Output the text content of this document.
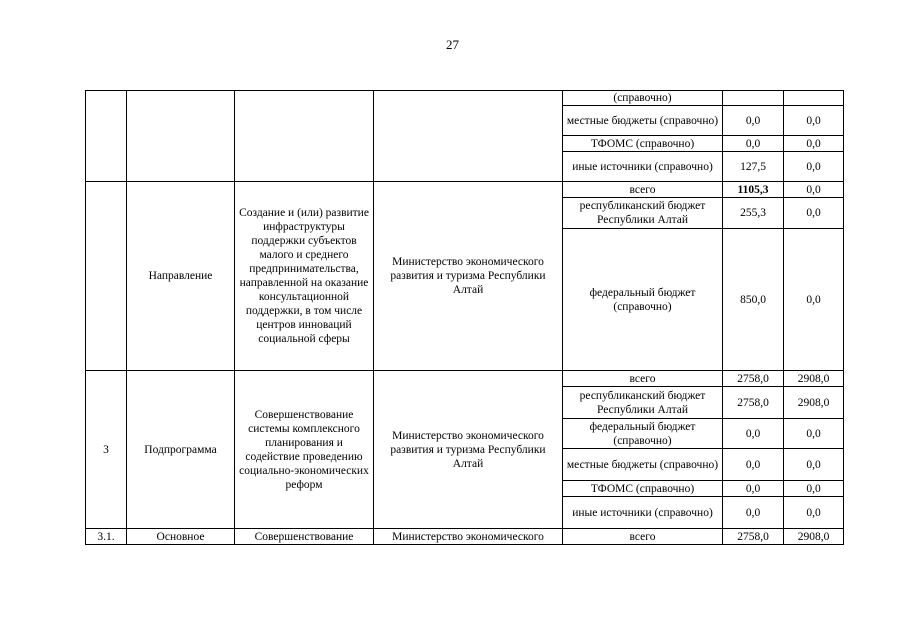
27
				(справочно)		
				местные бюджеты (справочно)	0,0	0,0
				ТФОМС (справочно)	0,0	0,0
				иные источники (справочно)	127,5	0,0
	Направление	Создание и (или) развитие инфраструктуры поддержки субъектов малого и среднего предпринимательства, направленной на оказание консультационной поддержки, в том числе центров инноваций социальной сферы	Министерство экономического развития и туризма Республики Алтай	всего	1105,3	0,0
				республиканский бюджет Республики Алтай	255,3	0,0
				федеральный бюджет (справочно)	850,0	0,0
3	Подпрограмма	Совершенствование системы комплексного планирования и содействие проведению социально-экономических реформ	Министерство экономического развития и туризма Республики Алтай	всего	2758,0	2908,0
				республиканский бюджет Республики Алтай	2758,0	2908,0
				федеральный бюджет (справочно)	0,0	0,0
				местные бюджеты (справочно)	0,0	0,0
				ТФОМС (справочно)	0,0	0,0
				иные источники (справочно)	0,0	0,0
3.1.	Основное	Совершенствование	Министерство экономического	всего	2758,0	2908,0
